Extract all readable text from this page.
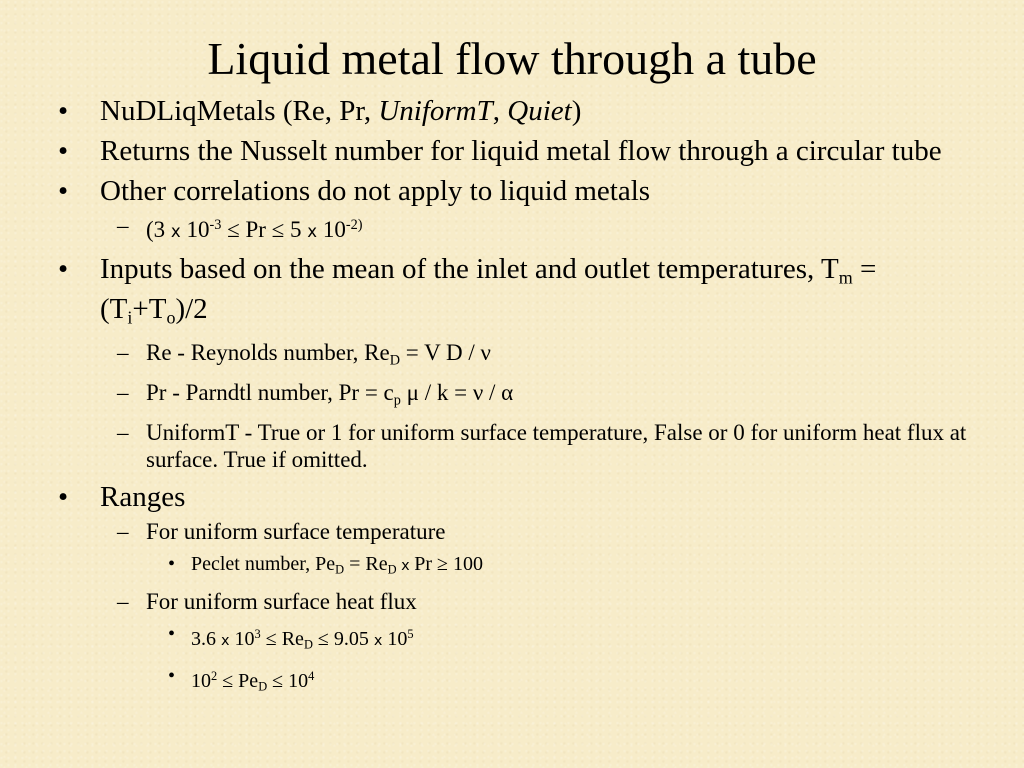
Liquid metal flow through a tube
• NuDLiqMetals (Re, Pr, UniformT, Quiet)
• Returns the Nusselt number for liquid metal flow through a circular tube
• Other correlations do not apply to liquid metals
– (3 x $10^{-3} \le Pr \le 5$ x $10^{-2)}$
• Inputs based on the mean of the inlet and outlet temperatures, $T_m = (T_i+T_o)/2$
– Re - Reynolds number, $Re_D = V$ D / ν
– Pr - Parndtl number, $Pr = c_p$ μ / k = ν / α
– UniformT - True or 1 for uniform surface temperature, False or 0 for uniform heat flux at surface. True if omitted.
• Ranges
– For uniform surface temperature
• Peclet number, $Pe_D = Re_D$ x Pr ≥ 100
– For uniform surface heat flux
• 3.6 x $10^3 \le Re_D \le 9.05$ x $10^5$
• $10^2 \le Pe_D \le 10^4$
